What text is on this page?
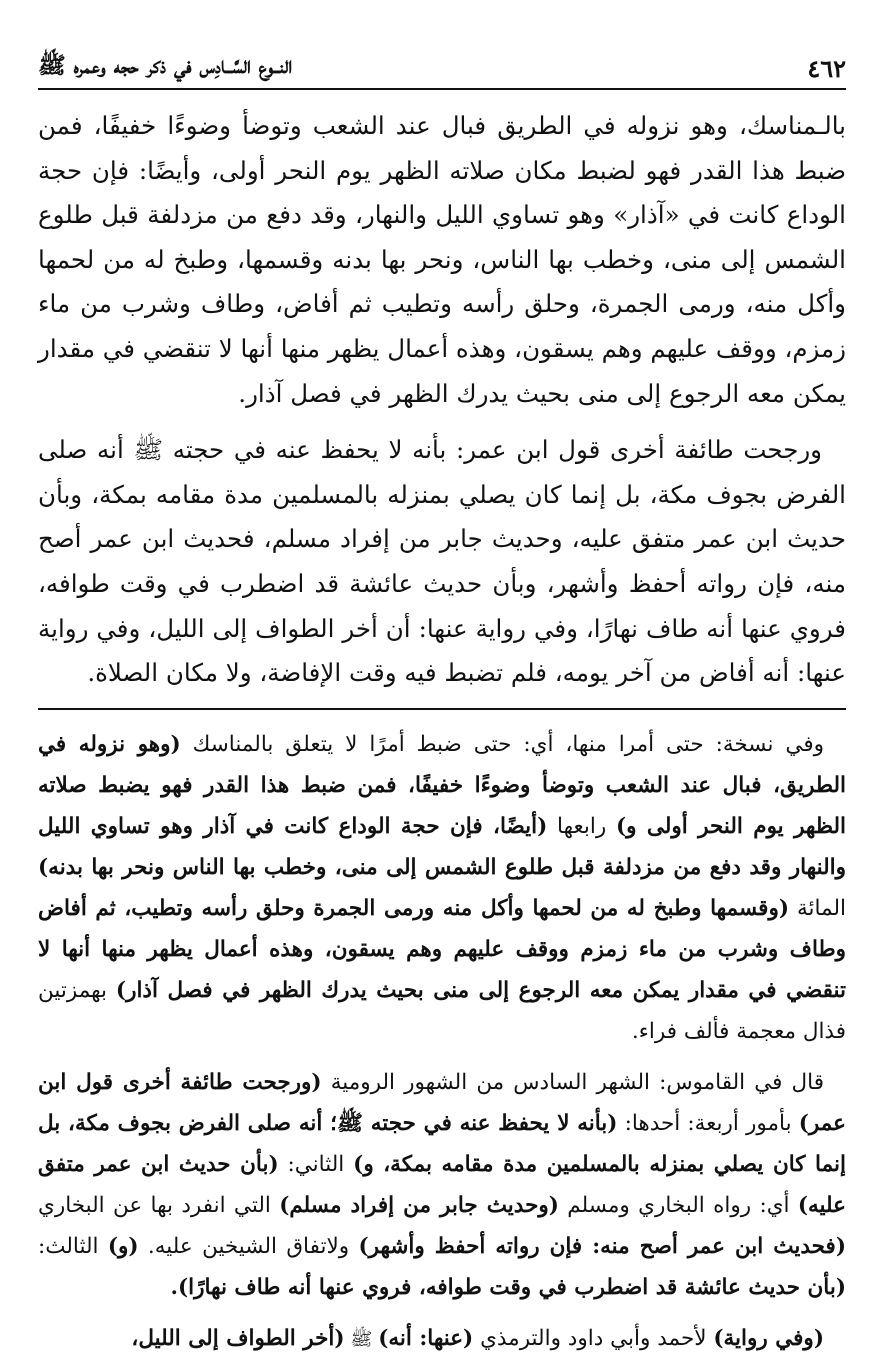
٤٦٢
النــوع السَّــادِس في ذكر حجه وعمره ﷺ

بالـمناسك، وهو نزوله في الطريق فبال عند الشعب وتوضأ وضوءًا خفيفًا، فمن ضبط هذا القدر فهو لضبط مكان صلاته الظهر يوم النحر أولى، وأيضًا: فإن حجة الوداع كانت في «آذار» وهو تساوي الليل والنهار، وقد دفع من مزدلفة قبل طلوع الشمس إلى منى، وخطب بها الناس، ونحر بها بدنه وقسمها، وطبخ له من لحمها وأكل منه، ورمى الجمرة، وحلق رأسه وتطيب ثم أفاض، وطاف وشرب من ماء زمزم، ووقف عليهم وهم يسقون، وهذه أعمال يظهر منها أنها لا تنقضي في مقدار يمكن معه الرجوع إلى منى بحيث يدرك الظهر في فصل آذار.

ورجحت طائفة أخرى قول ابن عمر: بأنه لا يحفظ عنه في حجته ﷺ أنه صلى الفرض بجوف مكة، بل إنما كان يصلي بمنزله بالمسلمين مدة مقامه بمكة، وبأن حديث ابن عمر متفق عليه، وحديث جابر من إفراد مسلم، فحديث ابن عمر أصح منه، فإن رواته أحفظ وأشهر، وبأن حديث عائشة قد اضطرب في وقت طوافه، فروي عنها أنه طاف نهارًا، وفي رواية عنها: أن أخر الطواف إلى الليل، وفي رواية عنها: أنه أفاض من آخر يومه، فلم تضبط فيه وقت الإفاضة، ولا مكان الصلاة.

وفي نسخة: حتى أمرا منها، أي: حتى ضبط أمرًا لا يتعلق بالمناسك (وهو نزوله في الطريق، فبال عند الشعب وتوضأ وضوءًا خفيفًا، فمن ضبط هذا القدر فهو يضبط صلاته الظهر يوم النحر أولى و) رابعها (أيضًا، فإن حجة الوداع كانت في آذار وهو تساوي الليل والنهار وقد دفع من مزدلفة قبل طلوع الشمس إلى منى، وخطب بها الناس ونحر بها بدنه) المائة (وقسمها وطبخ له من لحمها وأكل منه ورمى الجمرة وحلق رأسه وتطيب، ثم أفاض وطاف وشرب من ماء زمزم ووقف عليهم وهم يسقون، وهذه أعمال يظهر منها أنها لا تنقضي في مقدار يمكن معه الرجوع إلى منى بحيث يدرك الظهر في فصل آذار) بهمزتين فذال معجمة فألف فراء.

قال في القاموس: الشهر السادس من الشهور الرومية (ورجحت طائفة أخرى قول ابن عمر) بأمور أربعة: أحدها: (بأنه لا يحفظ عنه في حجته ﷺ؛ أنه صلى الفرض بجوف مكة، بل إنما كان يصلي بمنزله بالمسلمين مدة مقامه بمكة، و) الثاني: (بأن حديث ابن عمر متفق عليه) أي: رواه البخاري ومسلم (وحديث جابر من إفراد مسلم) التي انفرد بها عن البخاري (فحديث ابن عمر أصح منه: فإن رواته أحفظ وأشهر) ولاتفاق الشيخين عليه. (و) الثالث: (بأن حديث عائشة قد اضطرب في وقت طوافه، فروي عنها أنه طاف نهارًا).

(وفي رواية) لأحمد وأبي داود والترمذي (عنها: أنه) ﷺ (أخر الطواف إلى الليل،
